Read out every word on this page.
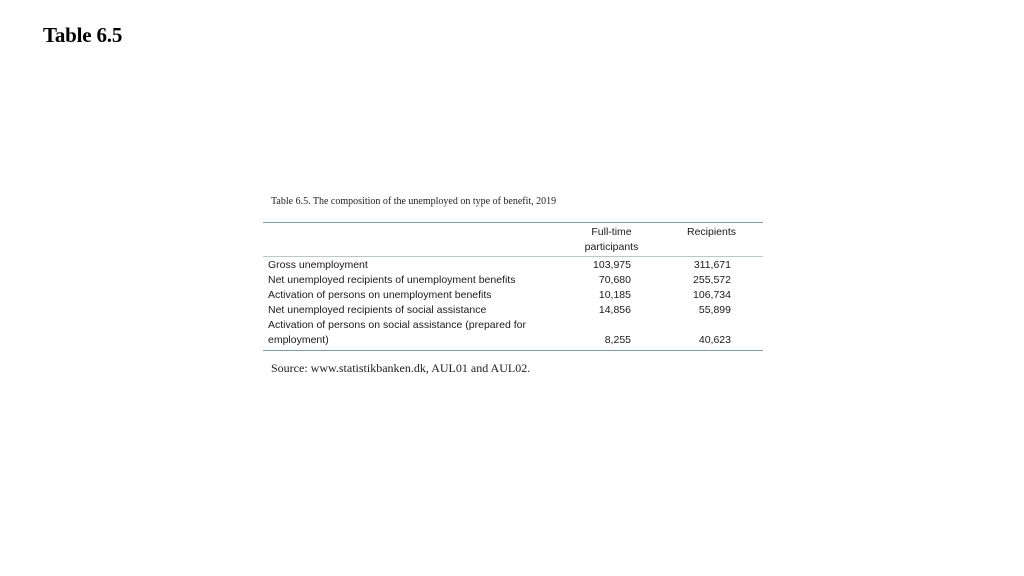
Table 6.5
Table 6.5. The composition of the unemployed on type of benefit, 2019
	Full-time participants	Recipients
Gross unemployment	103,975	311,671
Net unemployed recipients of unemployment benefits	70,680	255,572
Activation of persons on unemployment benefits	10,185	106,734
Net unemployed recipients of social assistance	14,856	55,899
Activation of persons on social assistance (prepared for employment)	8,255	40,623
Source: www.statistikbanken.dk, AUL01 and AUL02.
